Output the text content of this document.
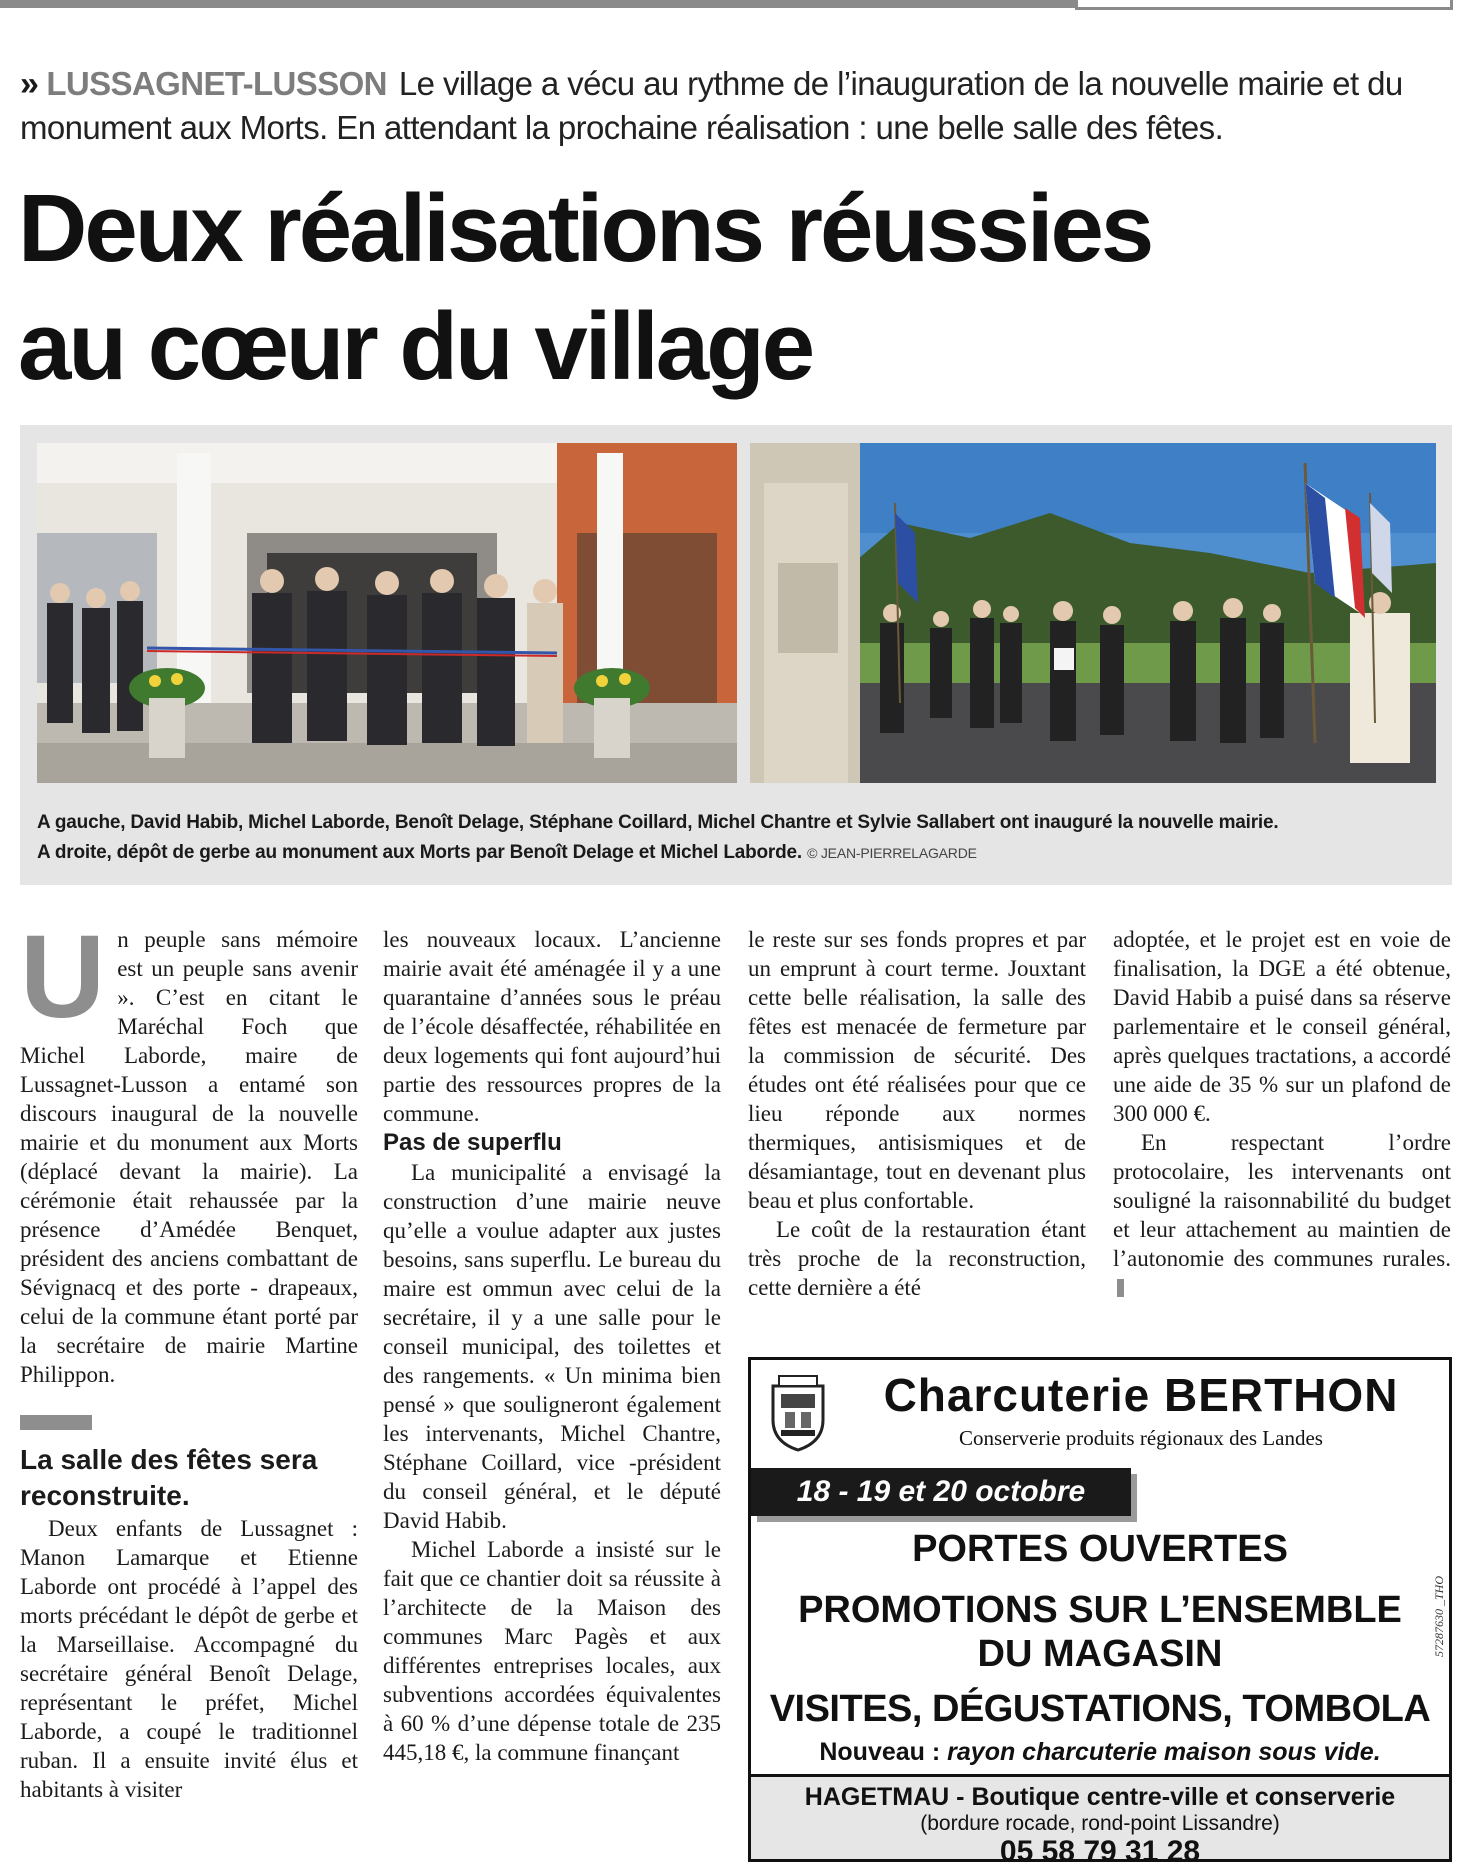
» LUSSAGNET-LUSSON Le village a vécu au rythme de l’inauguration de la nouvelle mairie et du monument aux Morts. En attendant la prochaine réalisation : une belle salle des fêtes.
Deux réalisations réussies
au cœur du village
A gauche, David Habib, Michel Laborde, Benoît Delage, Stéphane Coillard, Michel Chantre et Sylvie Sallabert ont inauguré la nouvelle mairie.
A droite, dépôt de gerbe au monument aux Morts par Benoît Delage et Michel Laborde. © JEAN-PIERRELAGARDE

Un peuple sans mémoire est un peuple sans avenir ». C’est en citant le Maréchal Foch que Michel Laborde, maire de Lussagnet-Lusson a entamé son discours inaugural de la nouvelle mairie et du monument aux Morts (déplacé devant la mairie). La cérémonie était rehaussée par la présence d’Amédée Benquet, président des anciens combattant de Sévignacq et des porte - drapeaux, celui de la commune étant porté par la secrétaire de mairie Martine Philippon.

La salle des fêtes sera reconstruite.

Deux enfants de Lussagnet : Manon Lamarque et Etienne Laborde ont procédé à l’appel des morts précédant le dépôt de gerbe et la Marseillaise. Accompagné du secrétaire général Benoît Delage, représentant le préfet, Michel Laborde, a coupé le traditionnel ruban. Il a ensuite invité élus et habitants à visiter

les nouveaux locaux. L’ancienne mairie avait été aménagée il y a une quarantaine d’années sous le préau de l’école désaffectée, réhabilitée en deux logements qui font aujourd’hui partie des ressources propres de la commune.

Pas de superflu

La municipalité a envisagé la construction d’une mairie neuve qu’elle a voulue adapter aux justes besoins, sans superflu. Le bureau du maire est ommun avec celui de la secrétaire, il y a une salle pour le conseil municipal, des toilettes et des rangements. « Un minima bien pensé » que souligneront également les intervenants, Michel Chantre, Stéphane Coillard, vice -président du conseil général, et le député David Habib.

Michel Laborde a insisté sur le fait que ce chantier doit sa réussite à l’architecte de la Maison des communes Marc Pagès et aux différentes entreprises locales, aux subventions accordées équivalentes à 60 % d’une dépense totale de 235 445,18 €, la commune finançant

le reste sur ses fonds propres et par un emprunt à court terme. Jouxtant cette belle réalisation, la salle des fêtes est menacée de fermeture par la commission de sécurité. Des études ont été réalisées pour que ce lieu réponde aux normes thermiques, antisismiques et de désamiantage, tout en devenant plus beau et plus confortable.

Le coût de la restauration étant très proche de la reconstruction, cette dernière a été

adoptée, et le projet est en voie de finalisation, la DGE a été obtenue, David Habib a puisé dans sa réserve parlementaire et le conseil général, après quelques tractations, a accordé une aide de 35 % sur un plafond de 300 000 €.

En respectant l’ordre protocolaire, les intervenants ont souligné la raisonnabilité du budget et leur attachement au maintien de l’autonomie des communes rurales.

Charcuterie BERTHON
Conserverie produits régionaux des Landes
18 - 19 et 20 octobre
PORTES OUVERTES
PROMOTIONS SUR L’ENSEMBLE
DU MAGASIN
VISITES, DÉGUSTATIONS, TOMBOLA
Nouveau : rayon charcuterie maison sous vide.
57287630 _THO
HAGETMAU - Boutique centre-ville et conserverie
(bordure rocade, rond-point Lissandre)
05 58 79 31 28
